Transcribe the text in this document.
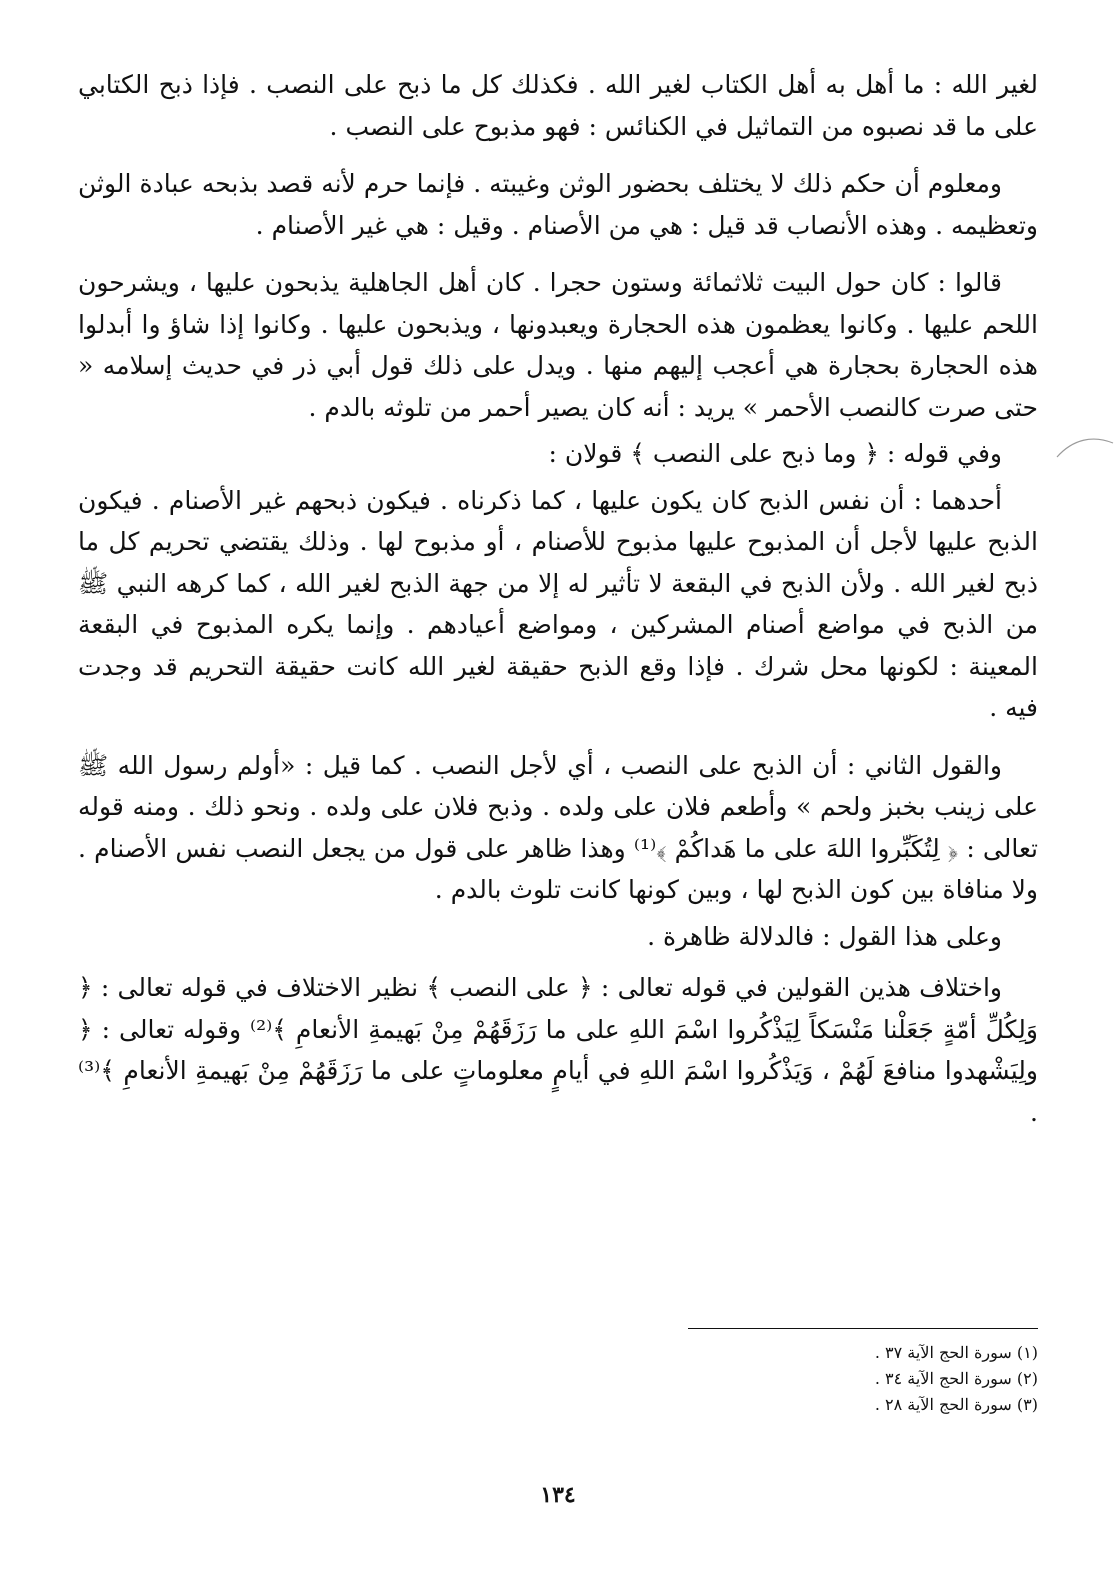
لغير الله : ما أهل به أهل الكتاب لغير الله . فكذلك كل ما ذبح على النصب . فإذا ذبح الكتابي على ما قد نصبوه من التماثيل في الكنائس : فهو مذبوح على النصب .

ومعلوم أن حكم ذلك لا يختلف بحضور الوثن وغيبته . فإنما حرم لأنه قصد بذبحه عبادة الوثن وتعظيمه . وهذه الأنصاب قد قيل : هي من الأصنام . وقيل : هي غير الأصنام .

قالوا : كان حول البيت ثلاثمائة وستون حجرا . كان أهل الجاهلية يذبحون عليها ، ويشرحون اللحم عليها . وكانوا يعظمون هذه الحجارة ويعبدونها ، ويذبحون عليها . وكانوا إذا شاؤ وا أبدلوا هذه الحجارة بحجارة هي أعجب إليهم منها . ويدل على ذلك قول أبي ذر في حديث إسلامه « حتى صرت كالنصب الأحمر » يريد : أنه كان يصير أحمر من تلوثه بالدم .

وفي قوله : ﴿ وما ذبح على النصب ﴾ قولان :

أحدهما : أن نفس الذبح كان يكون عليها ، كما ذكرناه . فيكون ذبحهم غير الأصنام . فيكون الذبح عليها لأجل أن المذبوح عليها مذبوح للأصنام ، أو مذبوح لها . وذلك يقتضي تحريم كل ما ذبح لغير الله . ولأن الذبح في البقعة لا تأثير له إلا من جهة الذبح لغير الله ، كما كرهه النبي ﷺ من الذبح في مواضع أصنام المشركين ، ومواضع أعيادهم . وإنما يكره المذبوح في البقعة المعينة : لكونها محل شرك . فإذا وقع الذبح حقيقة لغير الله كانت حقيقة التحريم قد وجدت فيه .

والقول الثاني : أن الذبح على النصب ، أي لأجل النصب . كما قيل : «أولم رسول الله ﷺ على زينب بخبز ولحم » وأطعم فلان على ولده . وذبح فلان على ولده . ونحو ذلك . ومنه قوله تعالى : ﴿ لِتُكَبِّروا اللهَ على ما هَداكُمْ ﴾⁽¹⁾ وهذا ظاهر على قول من يجعل النصب نفس الأصنام . ولا منافاة بين كون الذبح لها ، وبين كونها كانت تلوث بالدم .

وعلى هذا القول : فالدلالة ظاهرة .

واختلاف هذين القولين في قوله تعالى : ﴿ على النصب ﴾ نظير الاختلاف في قوله تعالى : ﴿ وَلِكُلِّ أمّةٍ جَعَلْنا مَنْسَكاً لِيَذْكُروا اسْمَ اللهِ على ما رَزَقَهُمْ مِنْ بَهيمةِ الأنعامِ ﴾⁽²⁾ وقوله تعالى : ﴿ ولِيَشْهدوا منافعَ لَهُمْ ، وَيَذْكُروا اسْمَ اللهِ في أيامٍ معلوماتٍ على ما رَزَقَهُمْ مِنْ بَهيمةِ الأنعامِ ﴾⁽³⁾ .

(١) سورة الحج الآية ٣٧ .
(٢) سورة الحج الآية ٣٤ .
(٣) سورة الحج الآية ٢٨ .
١٣٤
